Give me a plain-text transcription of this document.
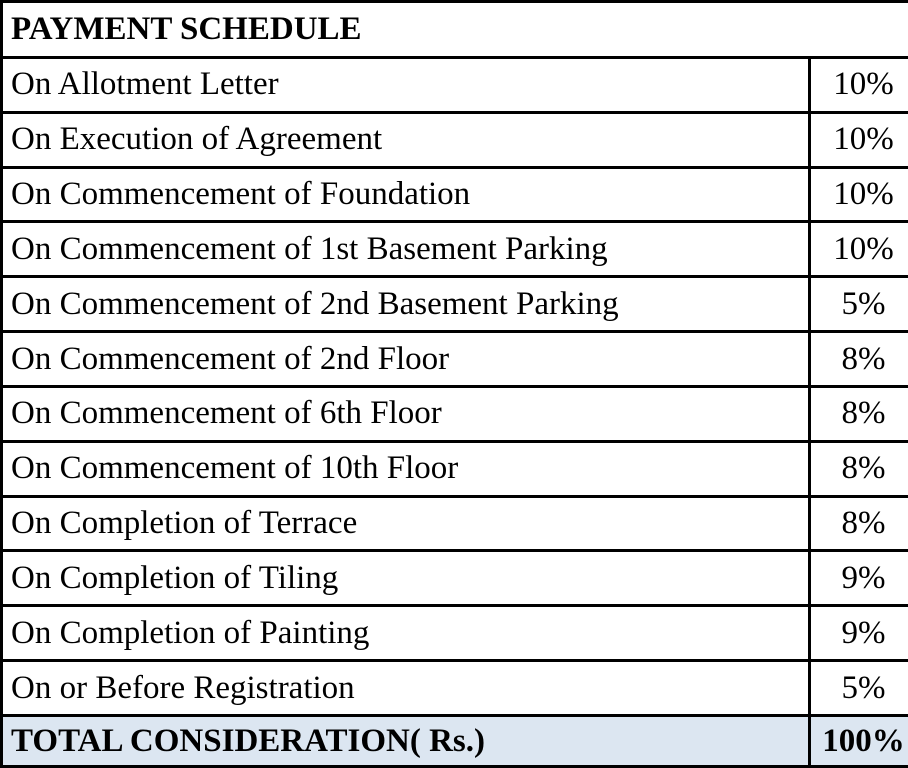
PAYMENT SCHEDULE	
On Allotment Letter	10%
On Execution of Agreement	10%
On Commencement of Foundation	10%
On Commencement of 1st Basement Parking	10%
On Commencement of 2nd Basement Parking	5%
On Commencement of 2nd Floor	8%
On Commencement of 6th Floor	8%
On Commencement of 10th Floor	8%
On Completion of Terrace	8%
On Completion of Tiling	9%
On Completion of Painting	9%
On or Before Registration	5%
TOTAL CONSIDERATION( Rs.)	100%
